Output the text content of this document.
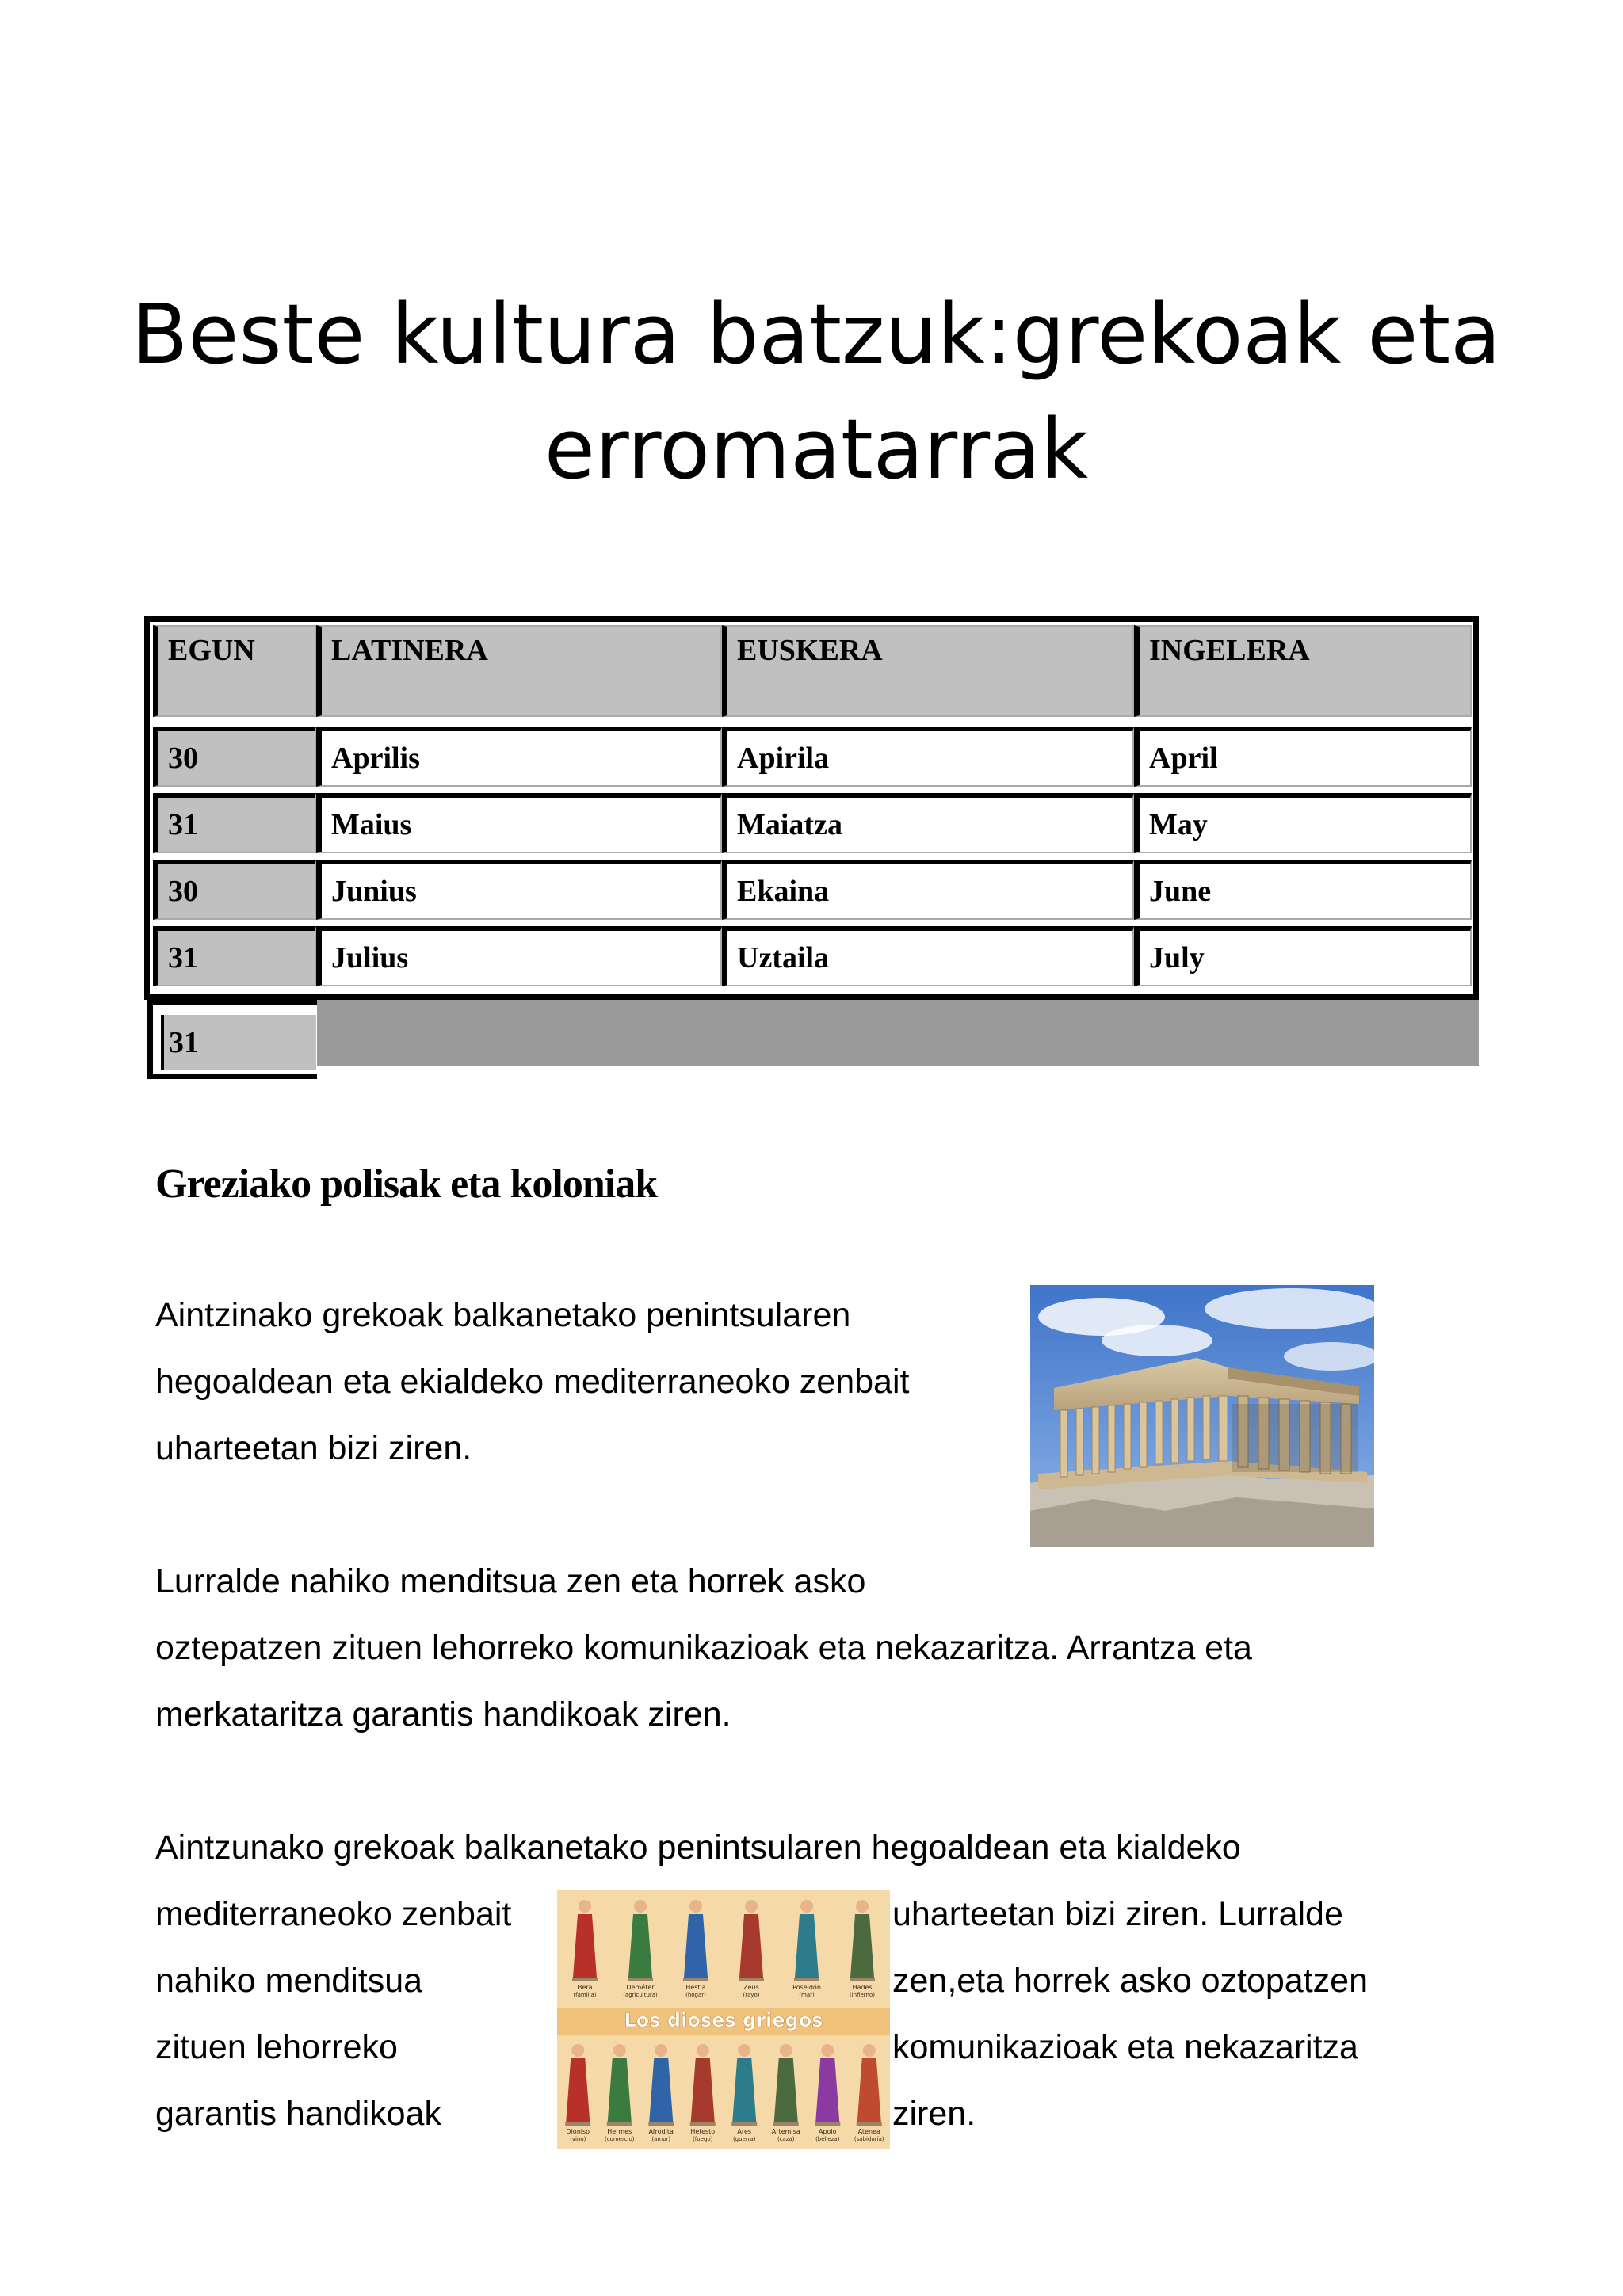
Beste kultura batzuk:grekoak eta
erromatarrak
EGUN	LATINERA	EUSKERA	INGELERA
30	Aprilis	Apirila	April
31	Maius	Maiatza	May
30	Junius	Ekaina	June
31	Julius	Uztaila	July
31
Greziako polisak eta koloniak

Aintzinako grekoak balkanetako penintsularen
hegoaldean eta ekialdeko mediterraneoko zenbait
uharteetan bizi ziren.

Lurralde nahiko menditsua zen eta horrek asko
oztepatzen zituen lehorreko komunikazioak eta nekazaritza. Arrantza eta
merkataritza garantis handikoak ziren.

Aintzunako grekoak balkanetako penintsularen hegoaldean eta kialdeko

mediterraneoko zenbait
nahiko menditsua
zituen lehorreko
garantis handikoak

uharteetan bizi ziren. Lurralde
zen,eta horrek asko oztopatzen
komunikazioak eta nekazaritza
ziren.

Los dioses griegos
Hera
(familia)
Deméter
(agricultura)
Hestia
(hogar)
Zeus
(rayo)
Poseidón
(mar)
Hades
(infierno)
Dioniso
(vino)
Hermes
(comercio)
Afrodita
(amor)
Hefesto
(fuego)
Ares
(guerra)
Artemisa
(caza)
Apolo
(belleza)
Atenea
(sabiduría)
